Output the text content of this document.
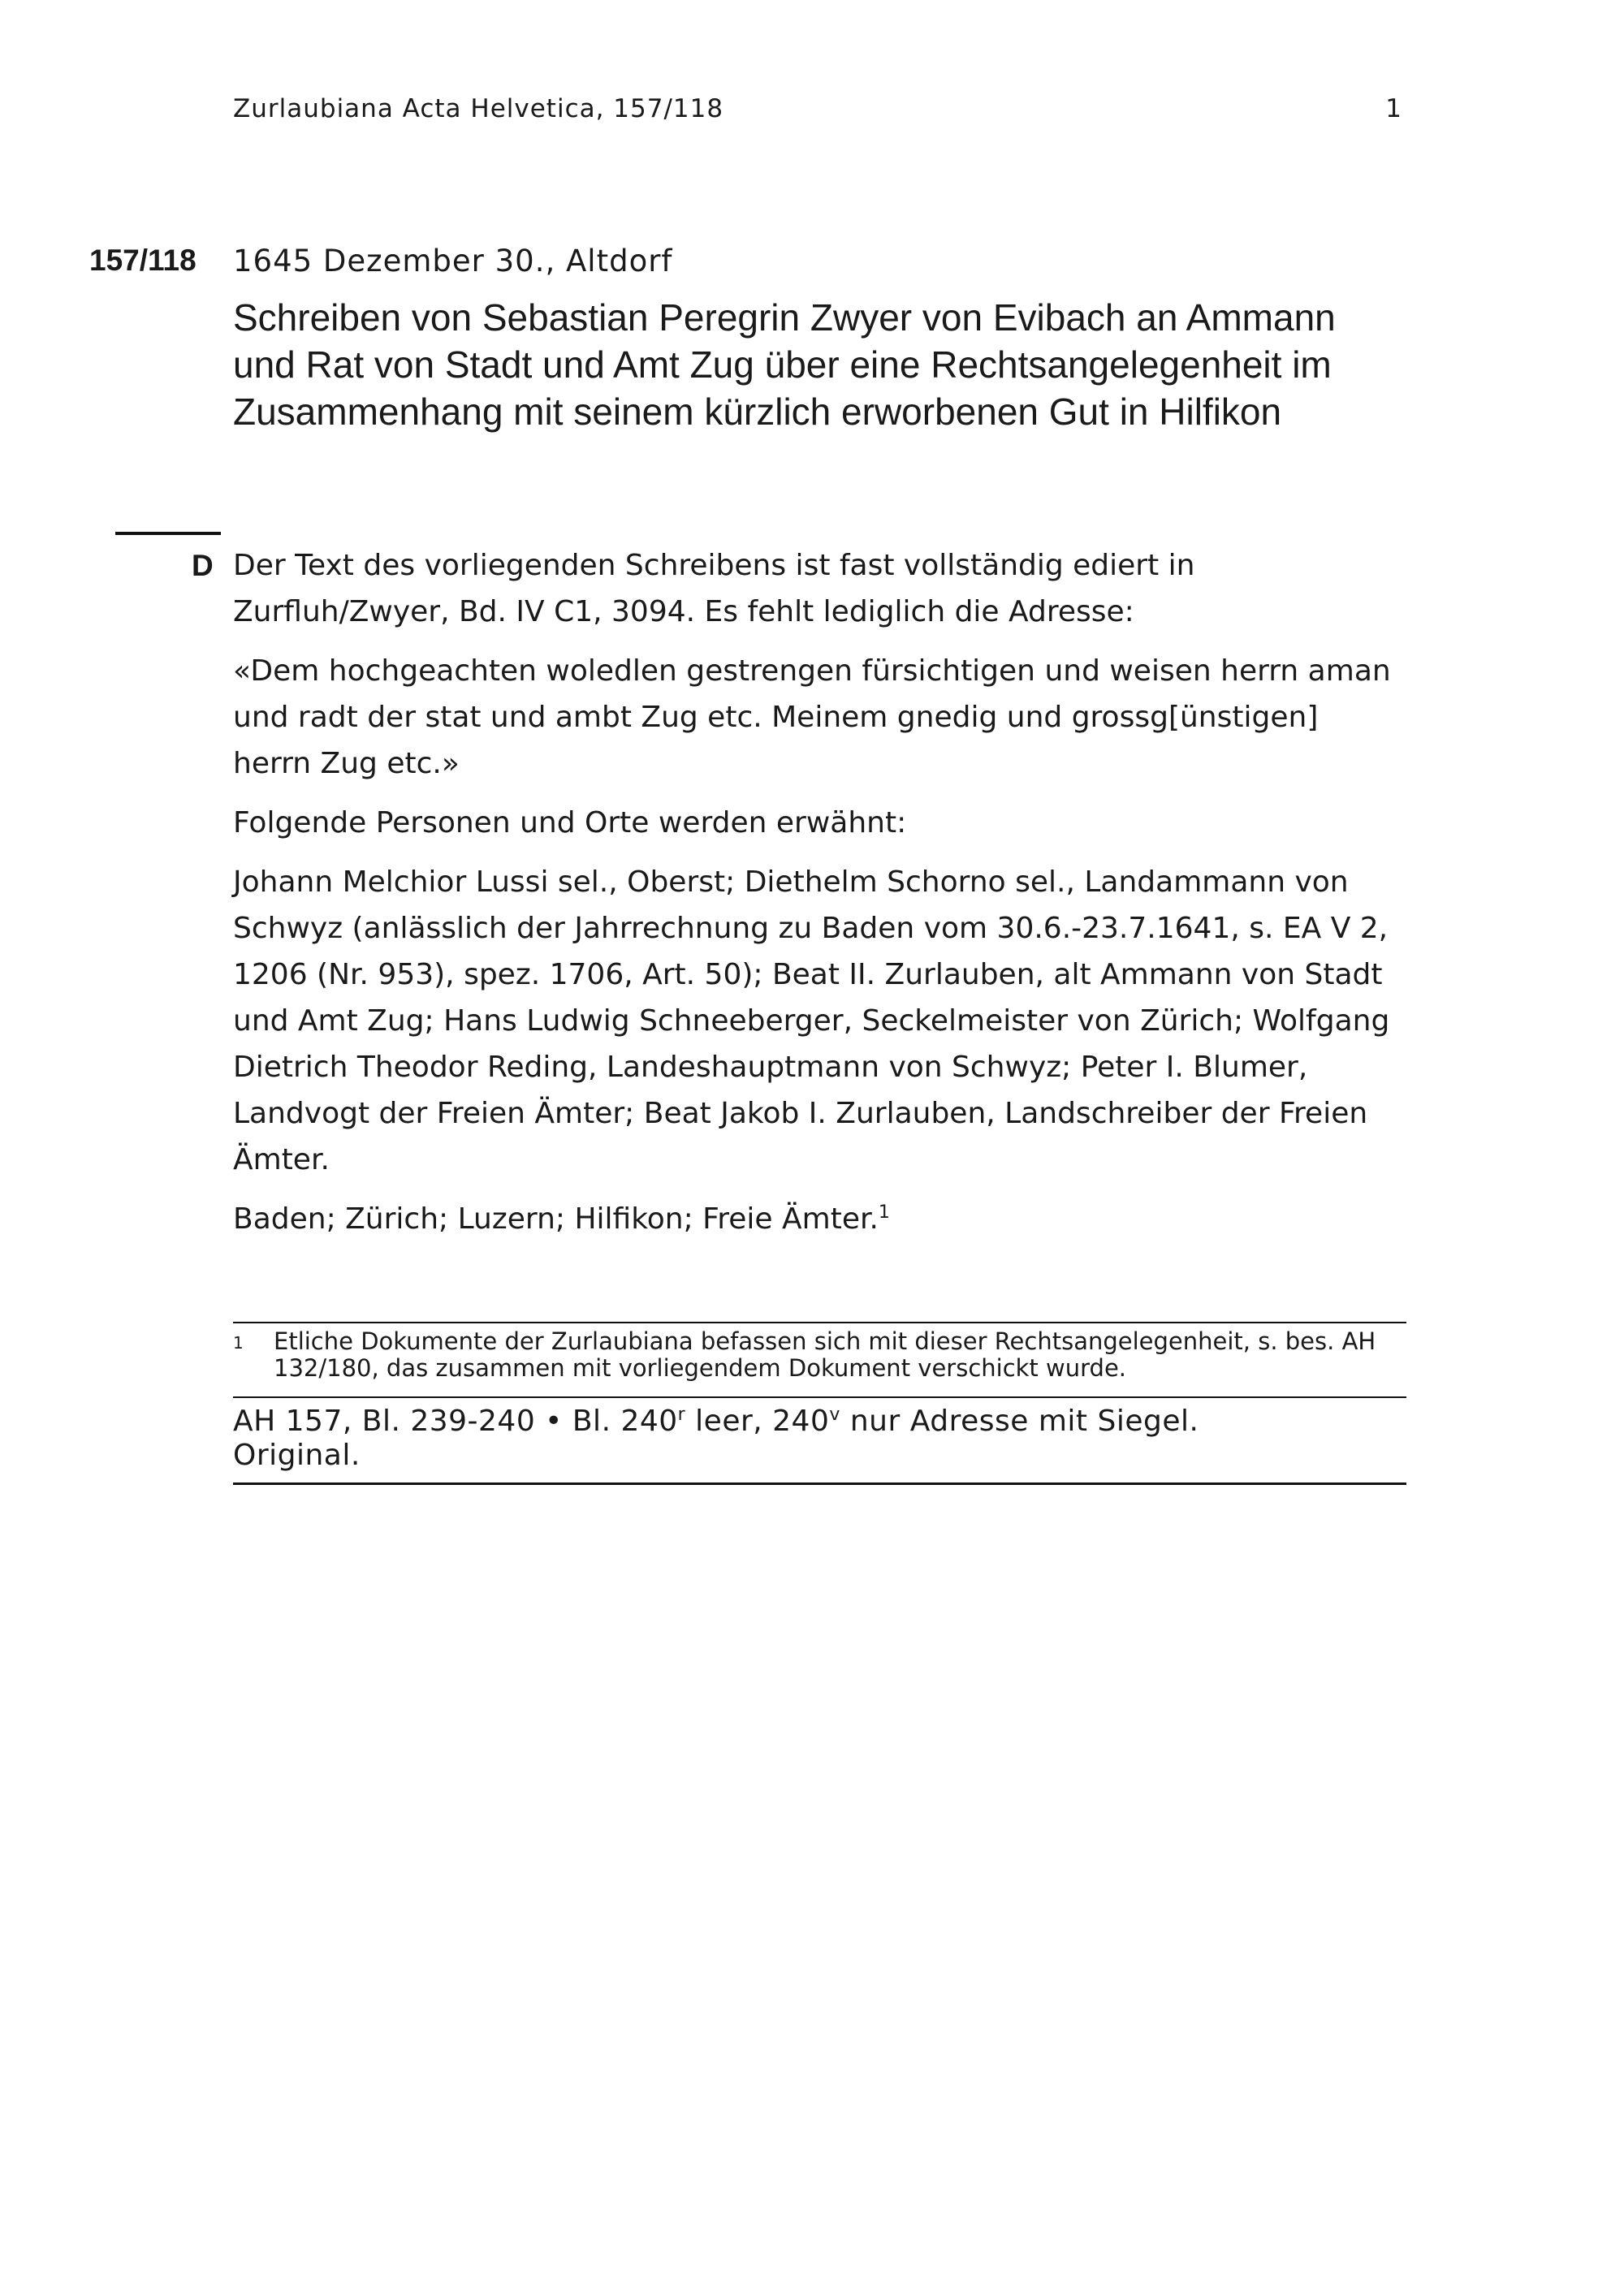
Zurlaubiana Acta Helvetica, 157/118	1
157/118 1645 Dezember 30., Altdorf
Schreiben von Sebastian Peregrin Zwyer von Evibach an Ammann und Rat von Stadt und Amt Zug über eine Rechtsangelegenheit im Zusammenhang mit seinem kürzlich erworbenen Gut in Hilfikon
D Der Text des vorliegenden Schreibens ist fast vollständig ediert in Zurfluh/Zwyer, Bd. IV C1, 3094. Es fehlt lediglich die Adresse:

«Dem hochgeachten woledlen gestrengen fürsichtigen und weisen herrn aman und radt der stat und ambt Zug etc. Meinem gnedig und grossg[ünstigen] herrn Zug etc.»

Folgende Personen und Orte werden erwähnt:

Johann Melchior Lussi sel., Oberst; Diethelm Schorno sel., Landammann von Schwyz (anlässlich der Jahrrechnung zu Baden vom 30.6.-23.7.1641, s. EA V 2, 1206 (Nr. 953), spez. 1706, Art. 50); Beat II. Zurlauben, alt Ammann von Stadt und Amt Zug; Hans Ludwig Schneeberger, Seckelmeister von Zürich; Wolfgang Dietrich Theodor Reding, Landeshauptmann von Schwyz; Peter I. Blumer, Landvogt der Freien Ämter; Beat Jakob I. Zurlauben, Landschreiber der Freien Ämter.

Baden; Zürich; Luzern; Hilfikon; Freie Ämter.$^1$

1	Etliche Dokumente der Zurlaubiana befassen sich mit dieser Rechtsangelegenheit, s. bes. AH 132/180, das zusammen mit vorliegendem Dokument verschickt wurde.
AH 157, Bl. 239-240 • Bl. 240$^r$ leer, 240$^v$ nur Adresse mit Siegel.
Original.
